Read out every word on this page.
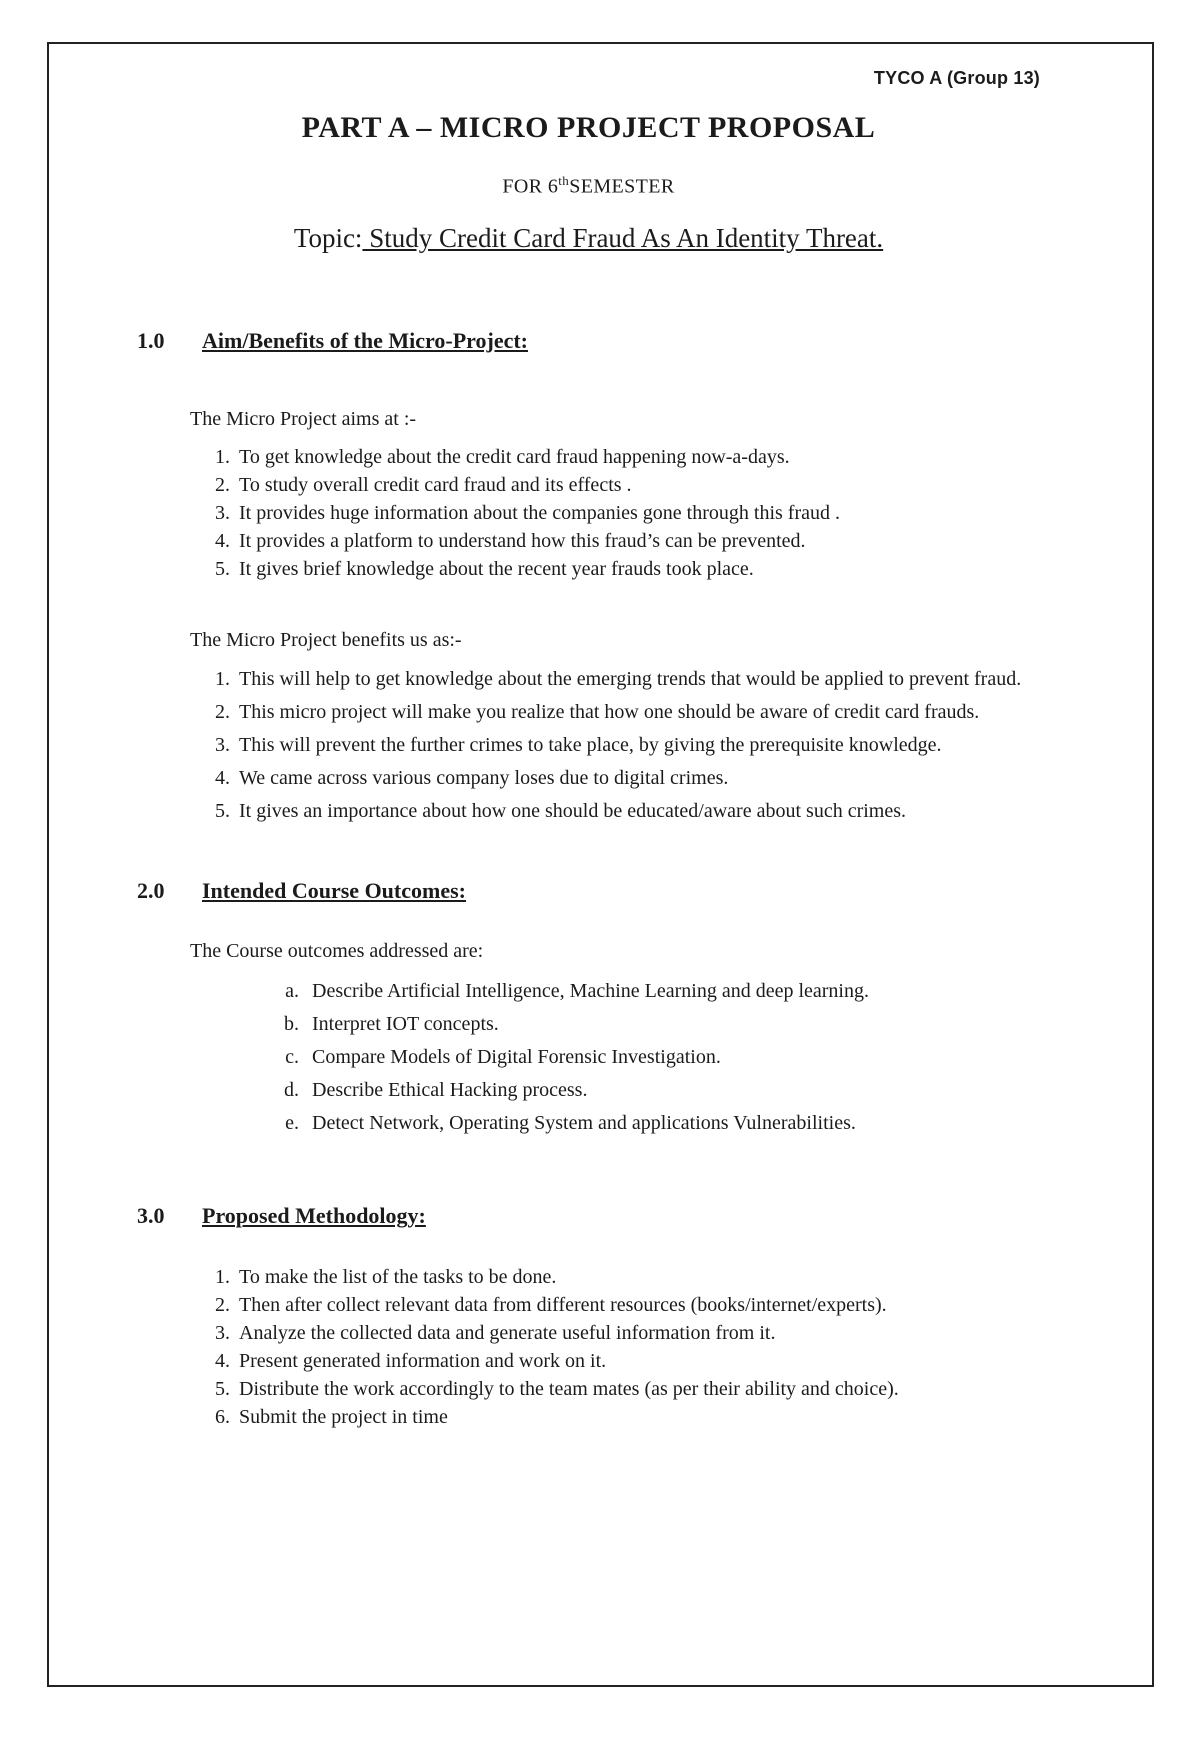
TYCO A (Group 13)
PART A – MICRO PROJECT PROPOSAL
FOR 6thSEMESTER
Topic: Study Credit Card Fraud As An Identity Threat.
1.0	Aim/Benefits of the Micro-Project:

The Micro Project aims at :-

1. To get knowledge about the credit card fraud happening now-a-days.
2. To study overall credit card fraud and its effects .
3. It provides huge information about the companies gone through this fraud .
4. It provides a platform to understand how this fraud’s can be prevented.
5. It gives brief knowledge about the recent year frauds took place.

The Micro Project benefits us as:-

1. This will help to get knowledge about the emerging trends that would be applied to prevent fraud.
2. This micro project will make you realize that how one should be aware of credit card frauds.
3. This will prevent the further crimes to take place, by giving the prerequisite knowledge.
4. We came across various company loses due to digital crimes.
5. It gives an importance about how one should be educated/aware about such crimes.
2.0	Intended Course Outcomes:

The Course outcomes addressed are:

a. Describe Artificial Intelligence, Machine Learning and deep learning.
b. Interpret IOT concepts.
c. Compare Models of Digital Forensic Investigation.
d. Describe Ethical Hacking process.
e. Detect Network, Operating System and applications Vulnerabilities.
3.0	Proposed Methodology:
1. To make the list of the tasks to be done.
2. Then after collect relevant data from different resources (books/internet/experts).
3. Analyze the collected data and generate useful information from it.
4. Present generated information and work on it.
5. Distribute the work accordingly to the team mates (as per their ability and choice).
6. Submit the project in time
